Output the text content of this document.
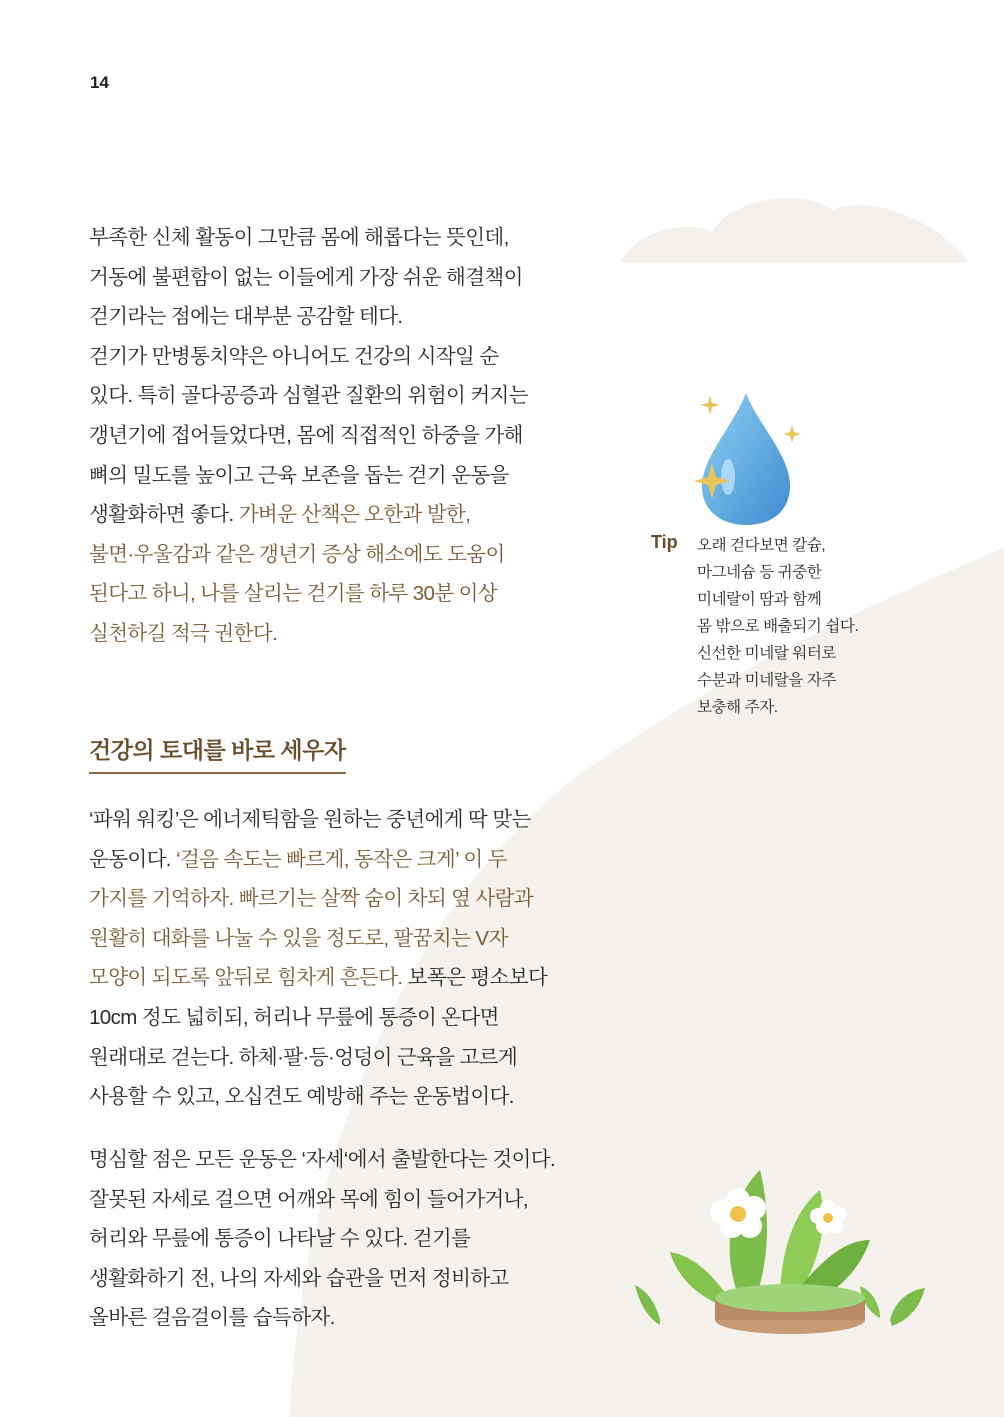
14
부족한 신체 활동이 그만큼 몸에 해롭다는 뜻인데,
거동에 불편함이 없는 이들에게 가장 쉬운 해결책이
걷기라는 점에는 대부분 공감할 테다.
걷기가 만병통치약은 아니어도 건강의 시작일 순
있다. 특히 골다공증과 심혈관 질환의 위험이 커지는
갱년기에 접어들었다면, 몸에 직접적인 하중을 가해
뼈의 밀도를 높이고 근육 보존을 돕는 걷기 운동을
생활화하면 좋다. 가벼운 산책은 오한과 발한,
불면·우울감과 같은 갱년기 증상 해소에도 도움이
된다고 하니, 나를 살리는 걷기를 하루 30분 이상
실천하길 적극 권한다.
건강의 토대를 바로 세우자
‘파워 워킹’은 에너제틱함을 원하는 중년에게 딱 맞는
운동이다. ‘걸음 속도는 빠르게, 동작은 크게’ 이 두
가지를 기억하자. 빠르기는 살짝 숨이 차되 옆 사람과
원활히 대화를 나눌 수 있을 정도로, 팔꿈치는 V자
모양이 되도록 앞뒤로 힘차게 흔든다. 보폭은 평소보다
10cm 정도 넓히되, 허리나 무릎에 통증이 온다면
원래대로 걷는다. 하체·팔·등·엉덩이 근육을 고르게
사용할 수 있고, 오십견도 예방해 주는 운동법이다.
명심할 점은 모든 운동은 ‘자세‘에서 출발한다는 것이다.
잘못된 자세로 걸으면 어깨와 목에 힘이 들어가거나,
허리와 무릎에 통증이 나타날 수 있다. 걷기를
생활화하기 전, 나의 자세와 습관을 먼저 정비하고
올바른 걸음걸이를 습득하자.
Tip 오래 걷다보면 칼슘,
마그네슘 등 귀중한
미네랄이 땀과 함께
몸 밖으로 배출되기 쉽다.
신선한 미네랄 워터로
수분과 미네랄을 자주
보충해 주자.
